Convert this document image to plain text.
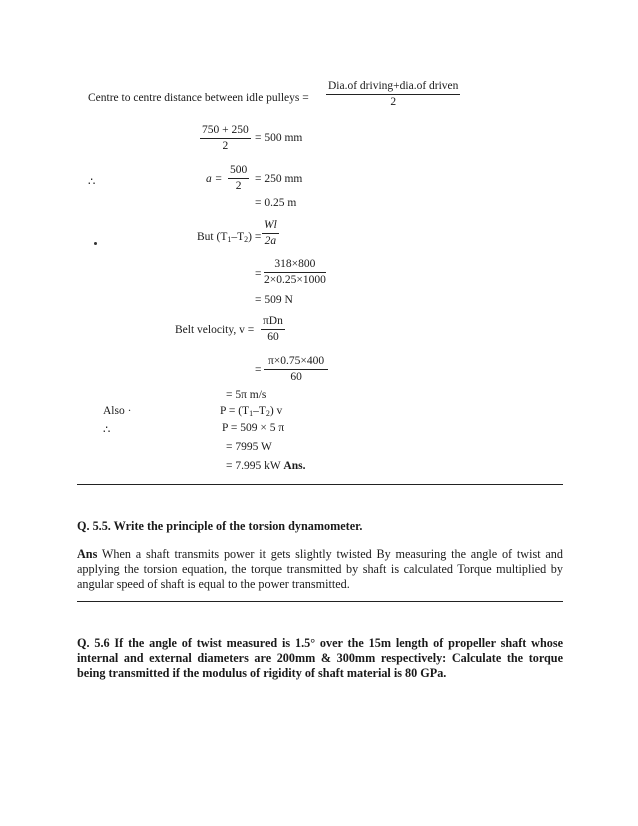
Centre to centre distance between idle pulleys = $\frac{\text{Dia.of driving+dia.of driven}}{2}$
$\frac{750 + 250}{2} = 500$ mm
∴	$a = \frac{500}{2} = 250$ mm
= 0.25 m
But $(T_1-T_2) = \frac{Wl}{2a}$
= $\frac{318\times 800}{2\times 0.25\times 1000}$
= 509 N
Belt velocity, $v = \frac{\text{πDn}}{60}$
= $\frac{\pi\times 0.75\times 400}{60}$
= 5π m/s
Also ·	$P = (T_1-T_2)$ v
∴	P = 509 × 5 π
= 7995 W
= 7.995 kW Ans.
Q. 5.5. Write the principle of the torsion dynamometer.
Ans When a shaft transmits power it gets slightly twisted By measuring the angle of twist and applying the torsion equation, the torque transmitted by shaft is calculated Torque multiplied by angular speed of shaft is equal to the power transmitted.
Q. 5.6 If the angle of twist measured is 1.5° over the 15m length of propeller shaft whose internal and external diameters are 200mm & 300mm respectively: Calculate the torque being transmitted if the modulus of rigidity of shaft material is 80 GPa.
